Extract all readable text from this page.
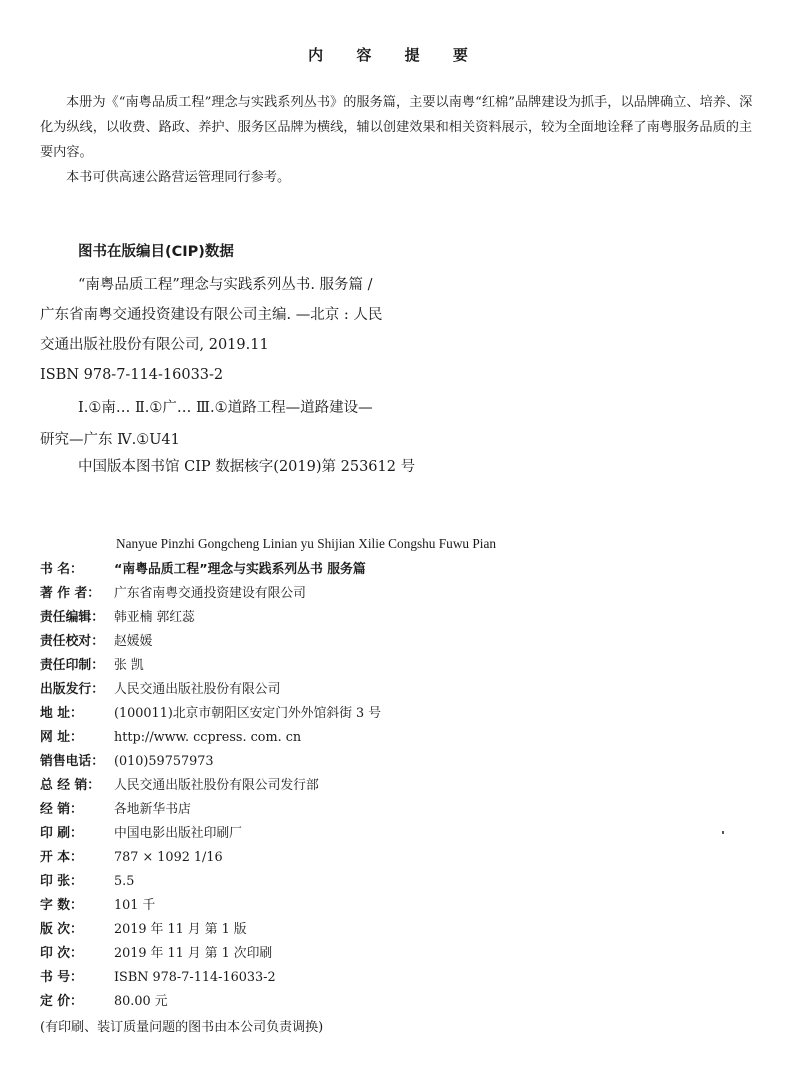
内 容 提 要

本册为《“南粤品质工程”理念与实践系列丛书》的服务篇，主要以南粤“红棉”品牌建设为抓手，以品牌确立、培养、深化为纵线，以收费、路政、养护、服务区品牌为横线，辅以创建效果和相关资料展示，较为全面地诠释了南粤服务品质的主要内容。

本书可供高速公路营运管理同行参考。

图书在版编目(CIP)数据
“南粤品质工程”理念与实践系列丛书. 服务篇 /
广东省南粤交通投资建设有限公司主编. —北京 : 人民
交通出版社股份有限公司, 2019.11
ISBN 978-7-114-16033-2
Ⅰ.①南… Ⅱ.①广… Ⅲ.①道路工程—道路建设—
研究—广东 Ⅳ.①U41
中国版本图书馆 CIP 数据核字(2019)第 253612 号
Nanyue Pinzhi Gongcheng Linian yu Shijian Xilie Congshu Fuwu Pian
书 名： “南粤品质工程”理念与实践系列丛书 服务篇
著 作 者： 广东省南粤交通投资建设有限公司
责任编辑： 韩亚楠 郭红蕊
责任校对： 赵媛媛
责任印制： 张 凯
出版发行： 人民交通出版社股份有限公司
地 址： (100011)北京市朝阳区安定门外外馆斜街 3 号
网 址： http://www. ccpress. com. cn
销售电话： (010)59757973
总 经 销： 人民交通出版社股份有限公司发行部
经 销： 各地新华书店
印 刷： 中国电影出版社印刷厂
开 本： 787 × 1092 1/16
印 张： 5.5
字 数： 101 千
版 次： 2019 年 11 月 第 1 版
印 次： 2019 年 11 月 第 1 次印刷
书 号： ISBN 978-7-114-16033-2
定 价： 80.00 元
(有印刷、装订质量问题的图书由本公司负责调换)
